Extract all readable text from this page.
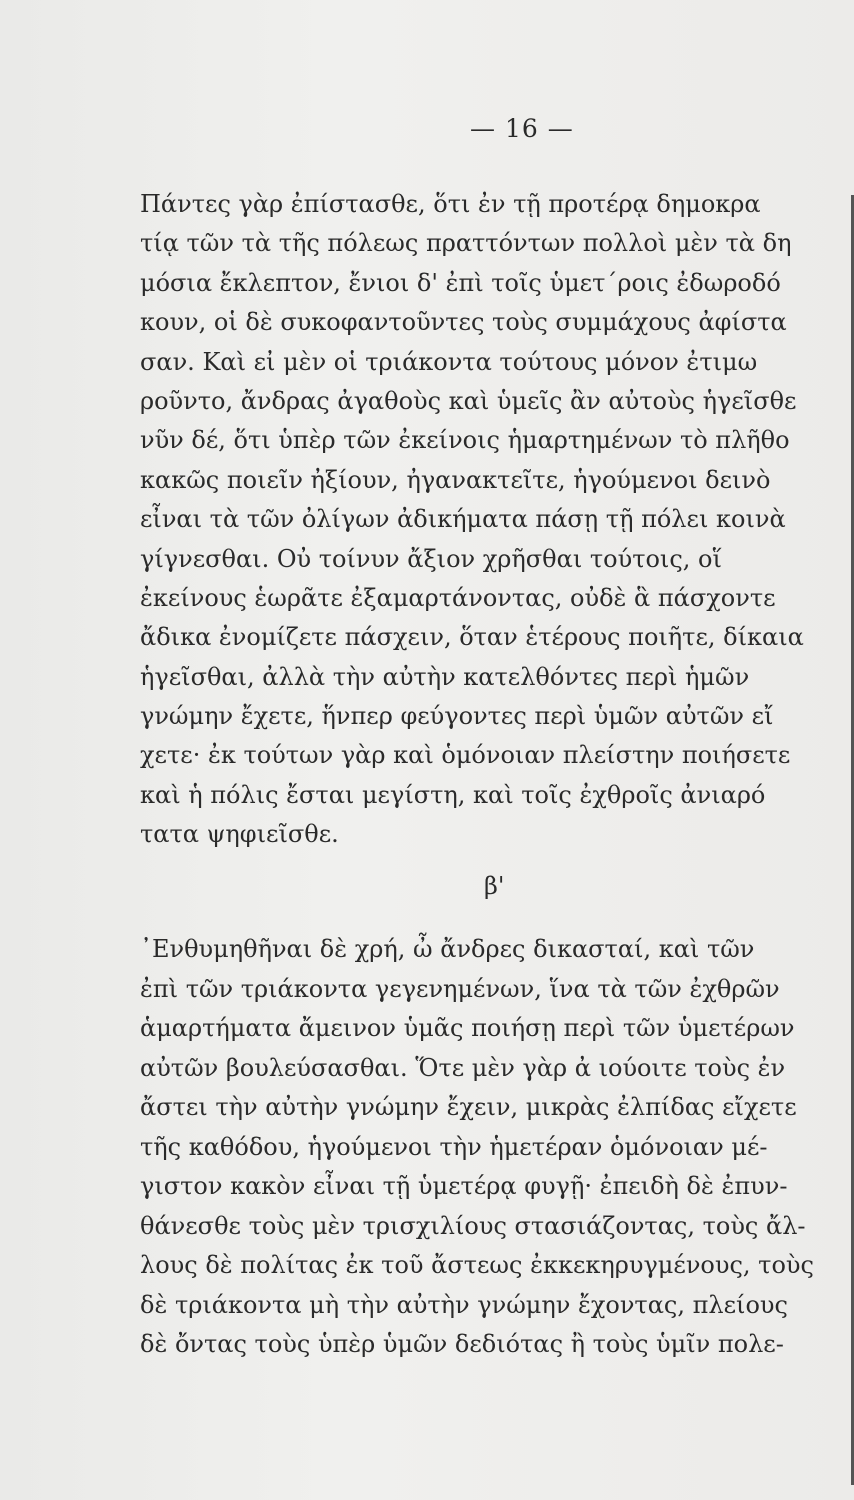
— 16 —
Πάντες γὰρ ἐπίστασθε, ὅτι ἐν τῇ προτέρᾳ δημοκρα
τίᾳ τῶν τὰ τῆς πόλεως πραττόντων πολλοὶ μὲν τὰ δη
μόσια ἔκλεπτον, ἔνιοι δ' ἐπὶ τοῖς ὑμετ΄ροις ἐδωροδό
κουν, οἱ δὲ συκοφαντοῦντες τοὺς συμμάχους ἀφίστα
σαν. Καὶ εἰ μὲν οἱ τριάκοντα τούτους μόνον ἐτιμω
ροῦντο, ἄνδρας ἀγαθοὺς καὶ ὑμεῖς ἂν αὐτοὺς ἡγεῖσθε
νῦν δέ, ὅτι ὑπὲρ τῶν ἐκείνοις ἡμαρτημένων τὸ πλῆθο
κακῶς ποιεῖν ἠξίουν, ἠγανακτεῖτε, ἡγούμενοι δεινὸ
εἶναι τὰ τῶν ὀλίγων ἀδικήματα πάσῃ τῇ πόλει κοινὰ
γίγνεσθαι. Οὐ τοίνυν ἄξιον χρῆσθαι τούτοις, οἵ
ἐκείνους ἑωρᾶτε ἐξαμαρτάνοντας, οὐδὲ ἃ πάσχοντε
ἄδικα ἐνομίζετε πάσχειν, ὅταν ἑτέρους ποιῆτε, δίκαια
ἡγεῖσθαι, ἀλλὰ τὴν αὐτὴν κατελθόντες περὶ ἡμῶν
γνώμην ἔχετε, ἥνπερ φεύγοντες περὶ ὑμῶν αὐτῶν εἴ
χετε· ἐκ τούτων γὰρ καὶ ὁμόνοιαν πλείστην ποιήσετε
καὶ ἡ πόλις ἔσται μεγίστη, καὶ τοῖς ἐχθροῖς ἀνιαρό
τατα ψηφιεῖσθε.
β'
᾿Ενθυμηθῆναι δὲ χρή, ὦ ἄνδρες δικασταί, καὶ τῶν
ἐπὶ τῶν τριάκοντα γεγενημένων, ἵνα τὰ τῶν ἐχθρῶν
ἁμαρτήματα ἄμεινον ὑμᾶς ποιήσῃ περὶ τῶν ὑμετέρων
αὐτῶν βουλεύσασθαι. Ὅτε μὲν γὰρ ἀ ιούοιτε τοὺς ἐν
ἄστει τὴν αὐτὴν γνώμην ἔχειν, μικρὰς ἐλπίδας εἴχετε
τῆς καθόδου, ἡγούμενοι τὴν ἡμετέραν ὁμόνοιαν μέ-
γιστον κακὸν εἶναι τῇ ὑμετέρᾳ φυγῇ· ἐπειδὴ δὲ ἐπυν-
θάνεσθε τοὺς μὲν τρισχιλίους στασιάζοντας, τοὺς ἄλ-
λους δὲ πολίτας ἐκ τοῦ ἄστεως ἐκκεκηρυγμένους, τοὺς
δὲ τριάκοντα μὴ τὴν αὐτὴν γνώμην ἔχοντας, πλείους
δὲ ὄντας τοὺς ὑπὲρ ὑμῶν δεδιότας ἢ τοὺς ὑμῖν πολε-
